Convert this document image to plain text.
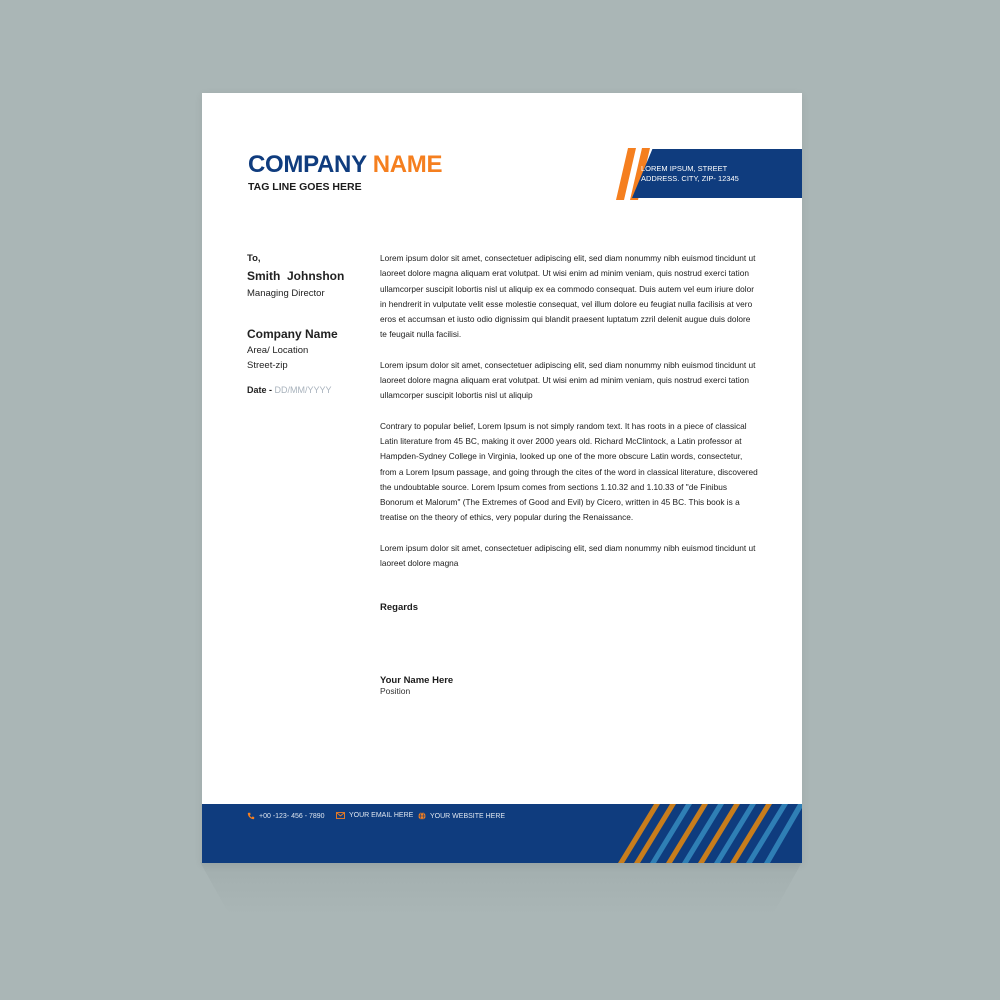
COMPANY NAME
TAG LINE GOES HERE
LOREM IPSUM, STREET
ADDRESS. CITY, ZIP- 12345
To,
Smith  Johnshon
Managing Director
Company Name
Area/ Location
Street-zip
Date - DD/MM/YYYY

Lorem ipsum dolor sit amet, consectetuer adipiscing elit, sed diam nonummy nibh euismod tincidunt ut laoreet dolore magna aliquam erat volutpat. Ut wisi enim ad minim veniam, quis nostrud exerci tation ullamcorper suscipit lobortis nisl ut aliquip ex ea commodo consequat. Duis autem vel eum iriure dolor in hendrerit in vulputate velit esse molestie consequat, vel illum dolore eu feugiat nulla facilisis at vero eros et accumsan et iusto odio dignissim qui blandit praesent luptatum zzril delenit augue duis dolore te feugait nulla facilisi.

Lorem ipsum dolor sit amet, consectetuer adipiscing elit, sed diam nonummy nibh euismod tincidunt ut laoreet dolore magna aliquam erat volutpat. Ut wisi enim ad minim veniam, quis nostrud exerci tation ullamcorper suscipit lobortis nisl ut aliquip

Contrary to popular belief, Lorem Ipsum is not simply random text. It has roots in a piece of classical Latin literature from 45 BC, making it over 2000 years old. Richard McClintock, a Latin professor at Hampden-Sydney College in Virginia, looked up one of the more obscure Latin words, consectetur, from a Lorem Ipsum passage, and going through the cites of the word in classical literature, discovered the undoubtable source. Lorem Ipsum comes from sections 1.10.32 and 1.10.33 of "de Finibus Bonorum et Malorum" (The Extremes of Good and Evil) by Cicero, written in 45 BC. This book is a treatise on the theory of ethics, very popular during the Renaissance.

Lorem ipsum dolor sit amet, consectetuer adipiscing elit, sed diam nonummy nibh euismod tincidunt ut laoreet dolore magna

Regards
Your Name Here
Position
+00 -123- 456 - 7890	YOUR EMAIL HERE YOUR WEBSITE HERE
